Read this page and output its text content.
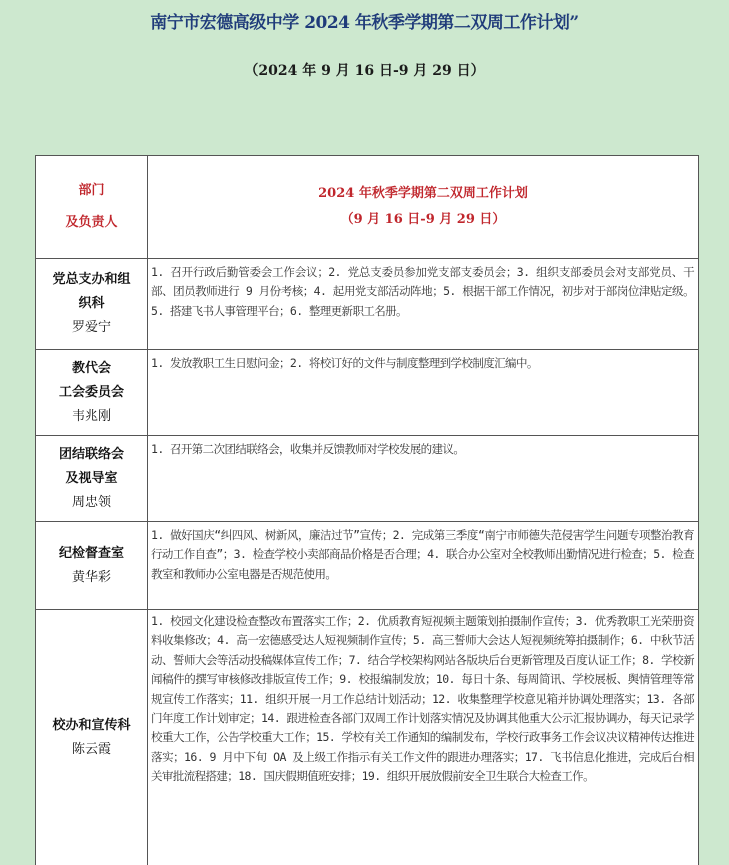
南宁市宏德高级中学 2024 年秋季学期第二双周工作计划”
（2024 年 9 月 16 日-9 月 29 日）
部门
及负责人
2024 年秋季学期第二双周工作计划
（9 月 16 日-9 月 29 日）
党总支办和组
织科
罗爱宁
1. 召开行政后勤管委会工作会议；2. 党总支委员参加党支部支委员会；3. 组织支部委员会对支部党员、干部、团员教师进行 9 月份考核；4. 起用党支部活动阵地；5. 根据干部工作情况，初步对于部岗位津贴定级。5. 搭建飞书人事管理平台；6. 整理更新职工名册。
教代会
工会委员会
韦兆刚
1. 发放教职工生日慰问金；2. 将校订好的文件与制度整理到学校制度汇编中。
团结联络会
及视导室
周忠领
1. 召开第二次团结联络会，收集并反馈教师对学校发展的建议。
纪检督查室
黄华彩
1. 做好国庆“纠四风、树新风，廉洁过节”宣传；2. 完成第三季度“南宁市师德失范侵害学生问题专项整治教育行动工作自查”；3. 检查学校小卖部商品价格是否合理；4. 联合办公室对全校教师出勤情况进行检查；5. 检查教室和教师办公室电器是否规范使用。
校办和宣传科
陈云霞
1. 校园文化建设检查整改布置落实工作；2. 优质教育短视频主题策划拍摄制作宣传；3. 优秀教职工光荣册资料收集修改；4. 高一宏德感受达人短视频制作宣传；5. 高三誓师大会达人短视频统筹拍摄制作；6. 中秋节活动、誓师大会等活动投稿媒体宣传工作；7. 结合学校架构网站各版块后台更新管理及百度认证工作；8. 学校新闻稿件的撰写审核修改排版宣传工作；9. 校报编制发放；10. 每日十条、每周简讯、学校展板、舆情管理等常规宣传工作落实；11. 组织开展一月工作总结计划活动；12. 收集整理学校意见箱并协调处理落实；13. 各部门年度工作计划审定；14. 跟进检查各部门双周工作计划落实情况及协调其他重大公示汇报协调办，每天记录学校重大工作，公告学校重大工作；15. 学校有关工作通知的编制发布，学校行政事务工作会议决议精神传达推进落实；16. 9 月中下旬 OA 及上级工作指示有关工作文件的跟进办理落实；17. 飞书信息化推进，完成后台相关审批流程搭建；18. 国庆假期值班安排；19. 组织开展放假前安全卫生联合大检查工作。
